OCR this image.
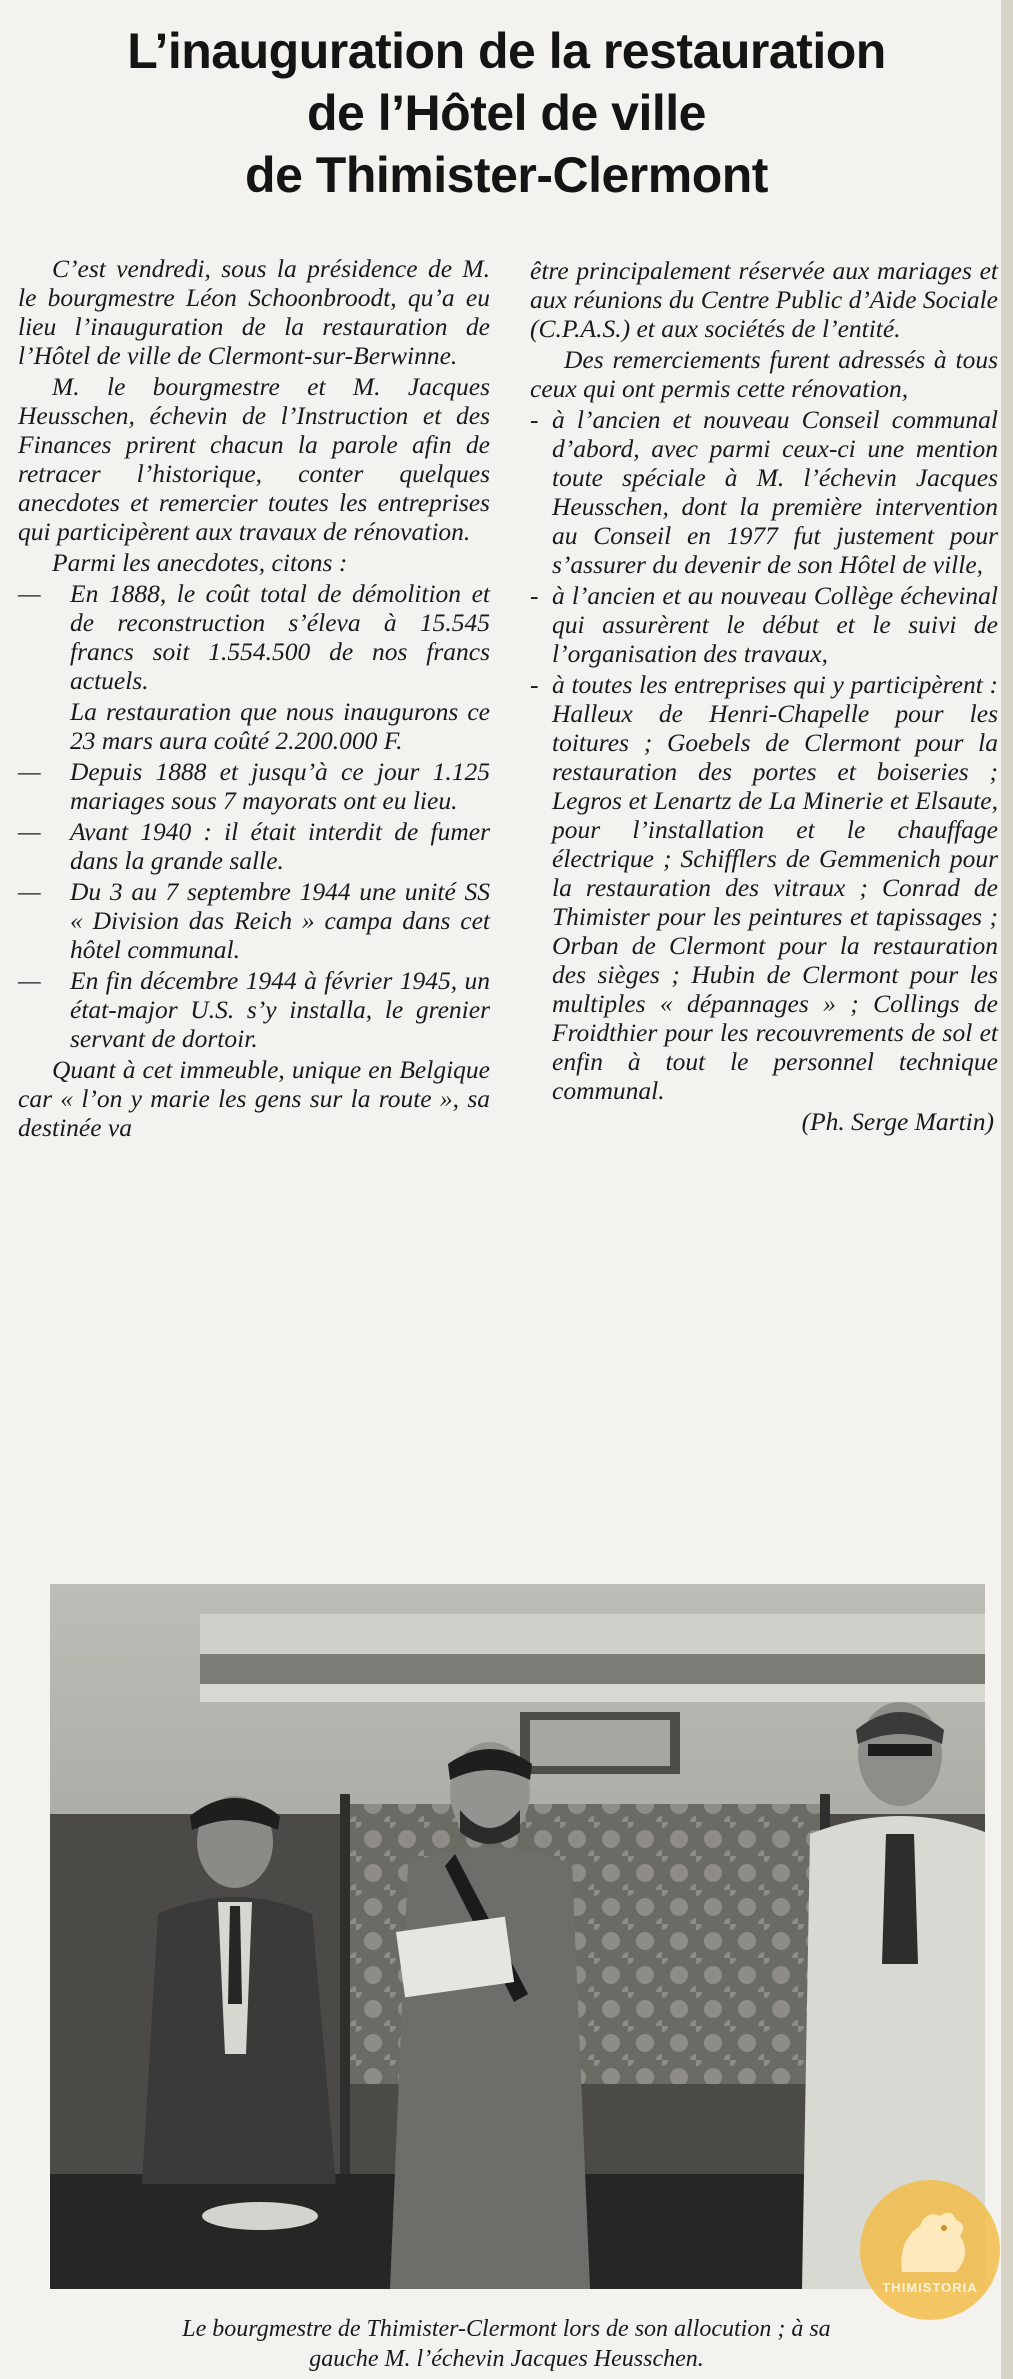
L’inauguration de la restauration
de l’Hôtel de ville
de Thimister-Clermont

C’est vendredi, sous la présidence de M. le bourgmestre Léon Schoonbroodt, qu’a eu lieu l’inauguration de la restauration de l’Hôtel de ville de Clermont-sur-Berwinne.

M. le bourgmestre et M. Jacques Heusschen, échevin de l’Instruction et des Finances prirent chacun la parole afin de retracer l’historique, conter quelques anecdotes et remercier toutes les entreprises qui participèrent aux travaux de rénovation.

Parmi les anecdotes, citons :

— En 1888, le coût total de démolition et de reconstruction s’éleva à 15.545 francs soit 1.554.500 de nos francs actuels.

La restauration que nous inaugurons ce 23 mars aura coûté 2.200.000 F.

— Depuis 1888 et jusqu’à ce jour 1.125 mariages sous 7 mayorats ont eu lieu.

— Avant 1940 : il était interdit de fumer dans la grande salle.

— Du 3 au 7 septembre 1944 une unité SS « Division das Reich » campa dans cet hôtel communal.

— En fin décembre 1944 à février 1945, un état-major U.S. s’y installa, le grenier servant de dortoir.

Quant à cet immeuble, unique en Belgique car « l’on y marie les gens sur la route », sa destinée va

être principalement réservée aux mariages et aux réunions du Centre Public d’Aide Sociale (C.P.A.S.) et aux sociétés de l’entité.

Des remerciements furent adressés à tous ceux qui ont permis cette rénovation,

- à l’ancien et nouveau Conseil communal d’abord, avec parmi ceux-ci une mention toute spéciale à M. l’échevin Jacques Heusschen, dont la première intervention au Conseil en 1977 fut justement pour s’assurer du devenir de son Hôtel de ville,

- à l’ancien et au nouveau Collège échevinal qui assurèrent le début et le suivi de l’organisation des travaux,

- à toutes les entreprises qui y participèrent : Halleux de Henri-Chapelle pour les toitures ; Goebels de Clermont pour la restauration des portes et boiseries ; Legros et Lenartz de La Minerie et Elsaute, pour l’installation et le chauffage électrique ; Schifflers de Gemmenich pour la restauration des vitraux ; Conrad de Thimister pour les peintures et tapissages ; Orban de Clermont pour la restauration des sièges ; Hubin de Clermont pour les multiples « dépannages » ; Collings de Froidthier pour les recouvrements de sol et enfin à tout le personnel technique communal.

(Ph. Serge Martin)

Le bourgmestre de Thimister-Clermont lors de son allocution ; à sa
gauche M. l’échevin Jacques Heusschen.
THIMISTORIA
